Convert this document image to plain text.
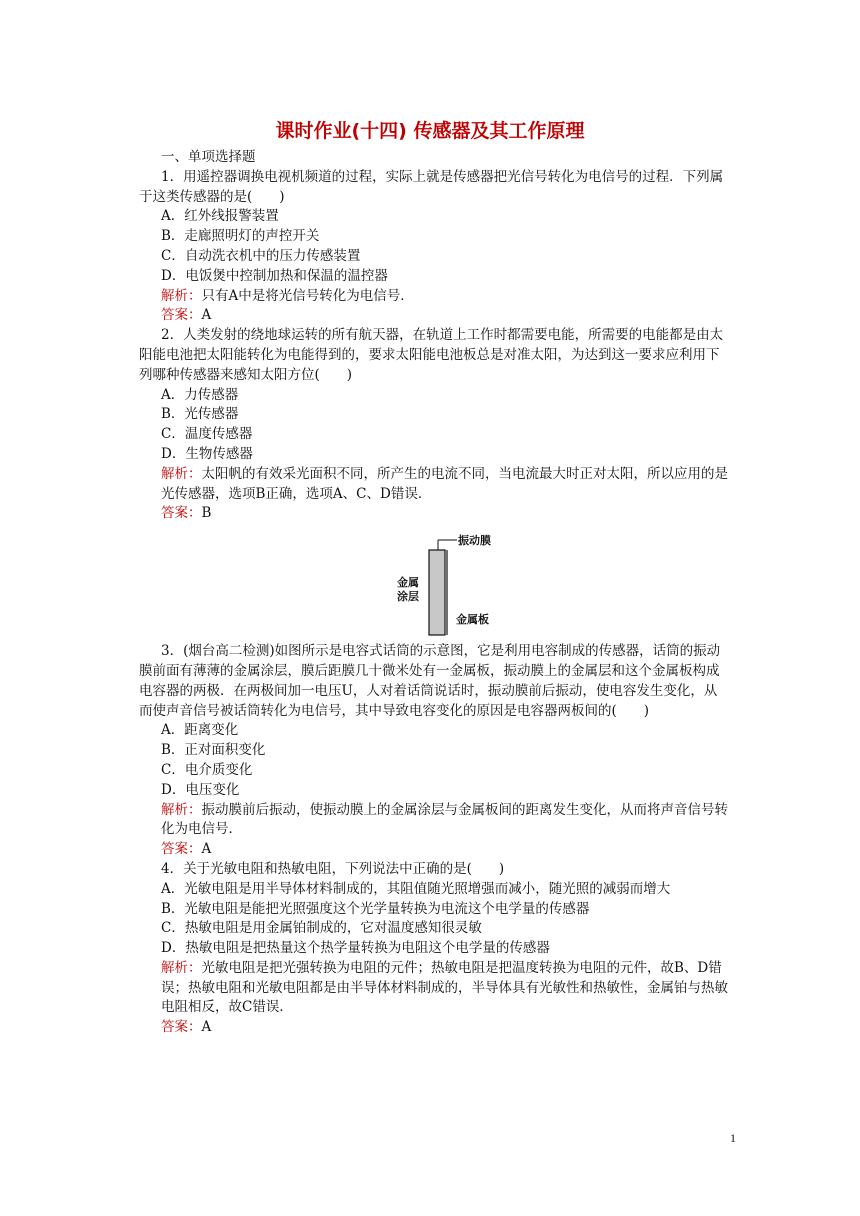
课时作业(十四) 传感器及其工作原理

一、单项选择题

1．用遥控器调换电视机频道的过程，实际上就是传感器把光信号转化为电信号的过程．下列属于这类传感器的是(　　)

A．红外线报警装置

B．走廊照明灯的声控开关

C．自动洗衣机中的压力传感装置

D．电饭煲中控制加热和保温的温控器

解析：只有A中是将光信号转化为电信号．

答案：A

2．人类发射的绕地球运转的所有航天器，在轨道上工作时都需要电能，所需要的电能都是由太阳能电池把太阳能转化为电能得到的，要求太阳能电池板总是对准太阳，为达到这一要求应利用下列哪种传感器来感知太阳方位(　　)

A．力传感器

B．光传感器

C．温度传感器

D．生物传感器

解析：太阳帆的有效采光面积不同，所产生的电流不同，当电流最大时正对太阳，所以应用的是光传感器，选项B正确，选项A、C、D错误．

答案：B

振动膜
金属
涂层
金属板

3．(烟台高二检测)如图所示是电容式话筒的示意图，它是利用电容制成的传感器，话筒的振动膜前面有薄薄的金属涂层，膜后距膜几十微米处有一金属板，振动膜上的金属层和这个金属板构成电容器的两极．在两极间加一电压U，人对着话筒说话时，振动膜前后振动，使电容发生变化，从而使声音信号被话筒转化为电信号，其中导致电容变化的原因是电容器两板间的(　　)

A．距离变化

B．正对面积变化

C．电介质变化

D．电压变化

解析：振动膜前后振动，使振动膜上的金属涂层与金属板间的距离发生变化，从而将声音信号转化为电信号．

答案：A

4．关于光敏电阻和热敏电阻，下列说法中正确的是(　　)

A．光敏电阻是用半导体材料制成的，其阻值随光照增强而减小，随光照的减弱而增大

B．光敏电阻是能把光照强度这个光学量转换为电流这个电学量的传感器

C．热敏电阻是用金属铂制成的，它对温度感知很灵敏

D．热敏电阻是把热量这个热学量转换为电阻这个电学量的传感器

解析：光敏电阻是把光强转换为电阻的元件；热敏电阻是把温度转换为电阻的元件，故B、D错误；热敏电阻和光敏电阻都是由半导体材料制成的，半导体具有光敏性和热敏性，金属铂与热敏电阻相反，故C错误．

答案：A

1
